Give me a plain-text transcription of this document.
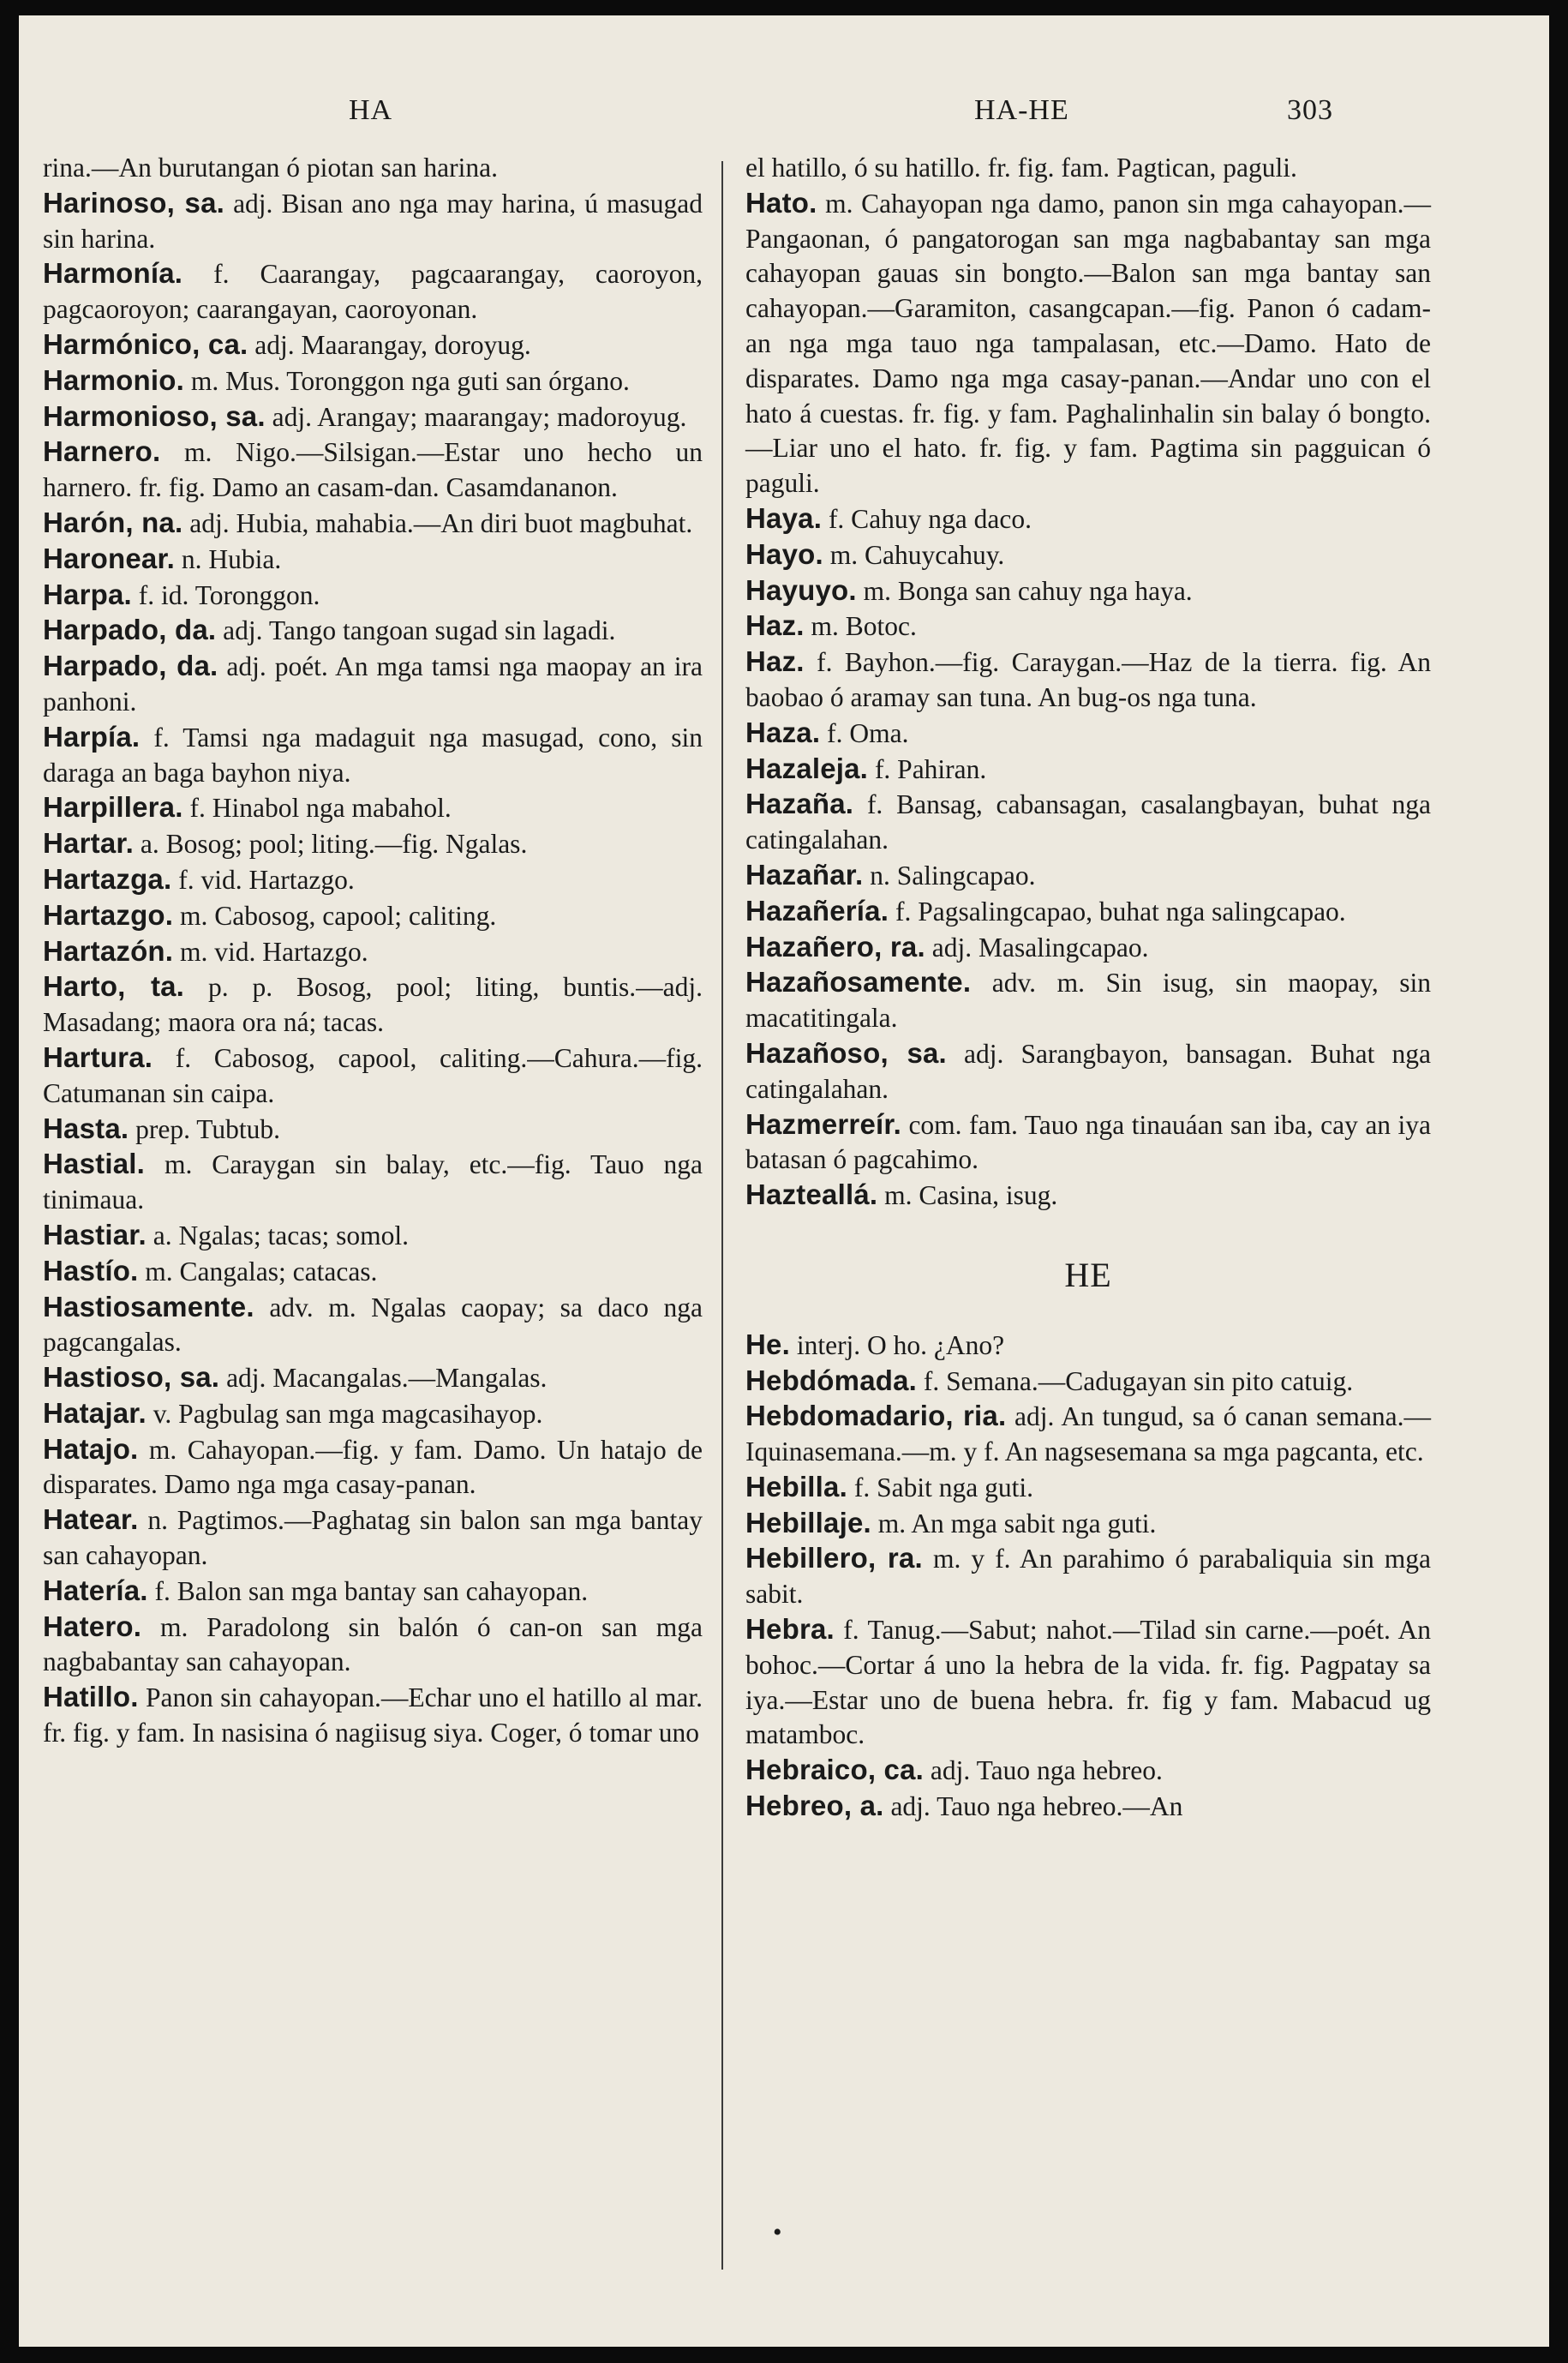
HA	HA-HE	303
rina.—An burutangan ó piotan san harina.
Harinoso, sa. adj. Bisan ano nga may harina, ú masugad sin harina.
Harmonía. f. Caarangay, pagcaarangay, caoroyon, pagcaoroyon; caarangayan, caoroyonan.
Harmónico, ca. adj. Maarangay, doroyug.
Harmonio. m. Mus. Toronggon nga guti san órgano.
Harmonioso, sa. adj. Arangay; maarangay; madoroyug.
Harnero. m. Nigo.—Silsigan.—Estar uno hecho un harnero. fr. fig. Damo an casam-dan. Casamdananon.
Harón, na. adj. Hubia, mahabia.—An diri buot magbuhat.
Haronear. n. Hubia.
Harpa. f. id. Toronggon.
Harpado, da. adj. Tango tangoan sugad sin lagadi.
Harpado, da. adj. poét. An mga tamsi nga maopay an ira panhoni.
Harpía. f. Tamsi nga madaguit nga masugad, cono, sin daraga an baga bayhon niya.
Harpillera. f. Hinabol nga mabahol.
Hartar. a. Bosog; pool; liting.—fig. Ngalas.
Hartazga. f. vid. Hartazgo.
Hartazgo. m. Cabosog, capool; caliting.
Hartazón. m. vid. Hartazgo.
Harto, ta. p. p. Bosog, pool; liting, buntis.—adj. Masadang; maora ora ná; tacas.
Hartura. f. Cabosog, capool, caliting.—Cahura.—fig. Catumanan sin caipa.
Hasta. prep. Tubtub.
Hastial. m. Caraygan sin balay, etc.—fig. Tauo nga tinimaua.
Hastiar. a. Ngalas; tacas; somol.
Hastío. m. Cangalas; catacas.
Hastiosamente. adv. m. Ngalas caopay; sa daco nga pagcangalas.
Hastioso, sa. adj. Macangalas.—Mangalas.
Hatajar. v. Pagbulag san mga magcasihayop.
Hatajo. m. Cahayopan.—fig. y fam. Damo. Un hatajo de disparates. Damo nga mga casay-panan.
Hatear. n. Pagtimos.—Paghatag sin balon san mga bantay san cahayopan.
Hatería. f. Balon san mga bantay san cahayopan.
Hatero. m. Paradolong sin balón ó can-on san mga nagbabantay san cahayopan.
Hatillo. Panon sin cahayopan.—Echar uno el hatillo al mar. fr. fig. y fam. In nasisina ó nagiisug siya. Coger, ó tomar uno
el hatillo, ó su hatillo. fr. fig. fam. Pagtican, paguli.
Hato. m. Cahayopan nga damo, panon sin mga cahayopan.—Pangaonan, ó pangatorogan san mga nagbabantay san mga cahayopan gauas sin bongto.—Balon san mga bantay san cahayopan.—Garamiton, casangcapan.—fig. Panon ó cadam-an nga mga tauo nga tampalasan, etc.—Damo. Hato de disparates. Damo nga mga casay-panan.—Andar uno con el hato á cuestas. fr. fig. y fam. Paghalinhalin sin balay ó bongto.—Liar uno el hato. fr. fig. y fam. Pagtima sin pagguican ó paguli.
Haya. f. Cahuy nga daco.
Hayo. m. Cahuycahuy.
Hayuyo. m. Bonga san cahuy nga haya.
Haz. m. Botoc.
Haz. f. Bayhon.—fig. Caraygan.—Haz de la tierra. fig. An baobao ó aramay san tuna. An bug-os nga tuna.
Haza. f. Oma.
Hazaleja. f. Pahiran.
Hazaña. f. Bansag, cabansagan, casalangbayan, buhat nga catingalahan.
Hazañar. n. Salingcapao.
Hazañería. f. Pagsalingcapao, buhat nga salingcapao.
Hazañero, ra. adj. Masalingcapao.
Hazañosamente. adv. m. Sin isug, sin maopay, sin macatitingala.
Hazañoso, sa. adj. Sarangbayon, bansagan. Buhat nga catingalahan.
Hazmerreír. com. fam. Tauo nga tinauáan san iba, cay an iya batasan ó pagcahimo.
Hazteallá. m. Casina, isug.
HE
He. interj. O ho. ¿Ano?
Hebdómada. f. Semana.—Cadugayan sin pito catuig.
Hebdomadario, ria. adj. An tungud, sa ó canan semana.—Iquinasemana.—m. y f. An nagsesemana sa mga pagcanta, etc.
Hebilla. f. Sabit nga guti.
Hebillaje. m. An mga sabit nga guti.
Hebillero, ra. m. y f. An parahimo ó parabaliquia sin mga sabit.
Hebra. f. Tanug.—Sabut; nahot.—Tilad sin carne.—poét. An bohoc.—Cortar á uno la hebra de la vida. fr. fig. Pagpatay sa iya.—Estar uno de buena hebra. fr. fig y fam. Mabacud ug matamboc.
Hebraico, ca. adj. Tauo nga hebreo.
Hebreo, a. adj. Tauo nga hebreo.—An
•
